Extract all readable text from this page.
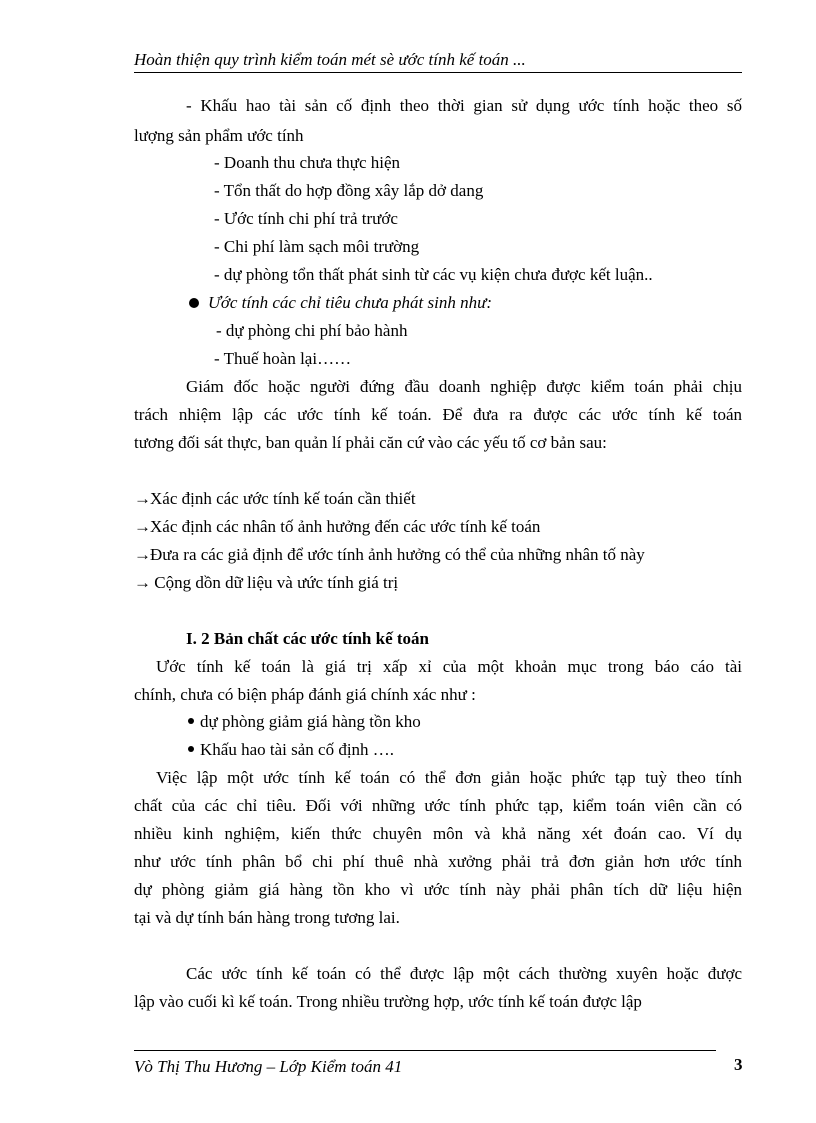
Hoàn thiện quy trình kiểm toán mét sè ước tính kế toán ...
- Khấu hao tài sản cố định theo thời gian sử dụng ước tính hoặc theo số
lượng sản phẩm ước tính
- Doanh thu chưa thực hiện
- Tổn thất do hợp đồng xây lắp dở dang
- Ước tính chi phí trả trước
- Chi phí làm sạch môi trường
- dự phòng tổn thất phát sinh từ các vụ kiện chưa được kết luận..
Ước tính các chỉ tiêu chưa phát sinh như:
- dự phòng chi phí bảo hành
- Thuế hoàn lại……
Giám đốc hoặc người đứng đầu doanh nghiệp được kiểm toán phải chịu
trách nhiệm lập các ước tính kế toán. Để đưa ra được các ước tính kế toán
tương đối sát thực, ban quản lí phải căn cứ vào các yếu tố cơ bản sau:
→Xác định các ước tính kế toán cần thiết
→Xác định các nhân tố ảnh hưởng đến các ước tính kế toán
→Đưa ra các giả định để ước tính ảnh hưởng có thể của những nhân tố này
→ Cộng dồn dữ liệu và ưức tính giá trị
I. 2 Bản chất các ước tính kế toán
Ước tính kế toán là giá trị xấp xỉ của một khoản mục trong báo cáo tài
chính, chưa có biện pháp đánh giá chính xác như :
dự phòng giảm giá hàng tồn kho
Khấu hao tài sản cố định ….
Việc lập một ước tính kế toán có thể đơn giản hoặc phức tạp tuỳ theo tính
chất của các chỉ tiêu. Đối với những ước tính phức tạp, kiểm toán viên cần có
nhiều kinh nghiệm, kiến thức chuyên môn và khả năng xét đoán cao. Ví dụ
như ước tính phân bổ chi phí thuê nhà xưởng phải trả đơn giản hơn ước tính
dự phòng giảm giá hàng tồn kho vì ước tính này phải phân tích dữ liệu hiện
tại và dự tính bán hàng trong tương lai.
Các ước tính kế toán có thể được lập một cách thường xuyên hoặc được
lập vào cuối kì kế toán. Trong nhiều trường hợp, ước tính kế toán được lập
Vò Thị Thu Hương – Lớp Kiểm toán 41	3
